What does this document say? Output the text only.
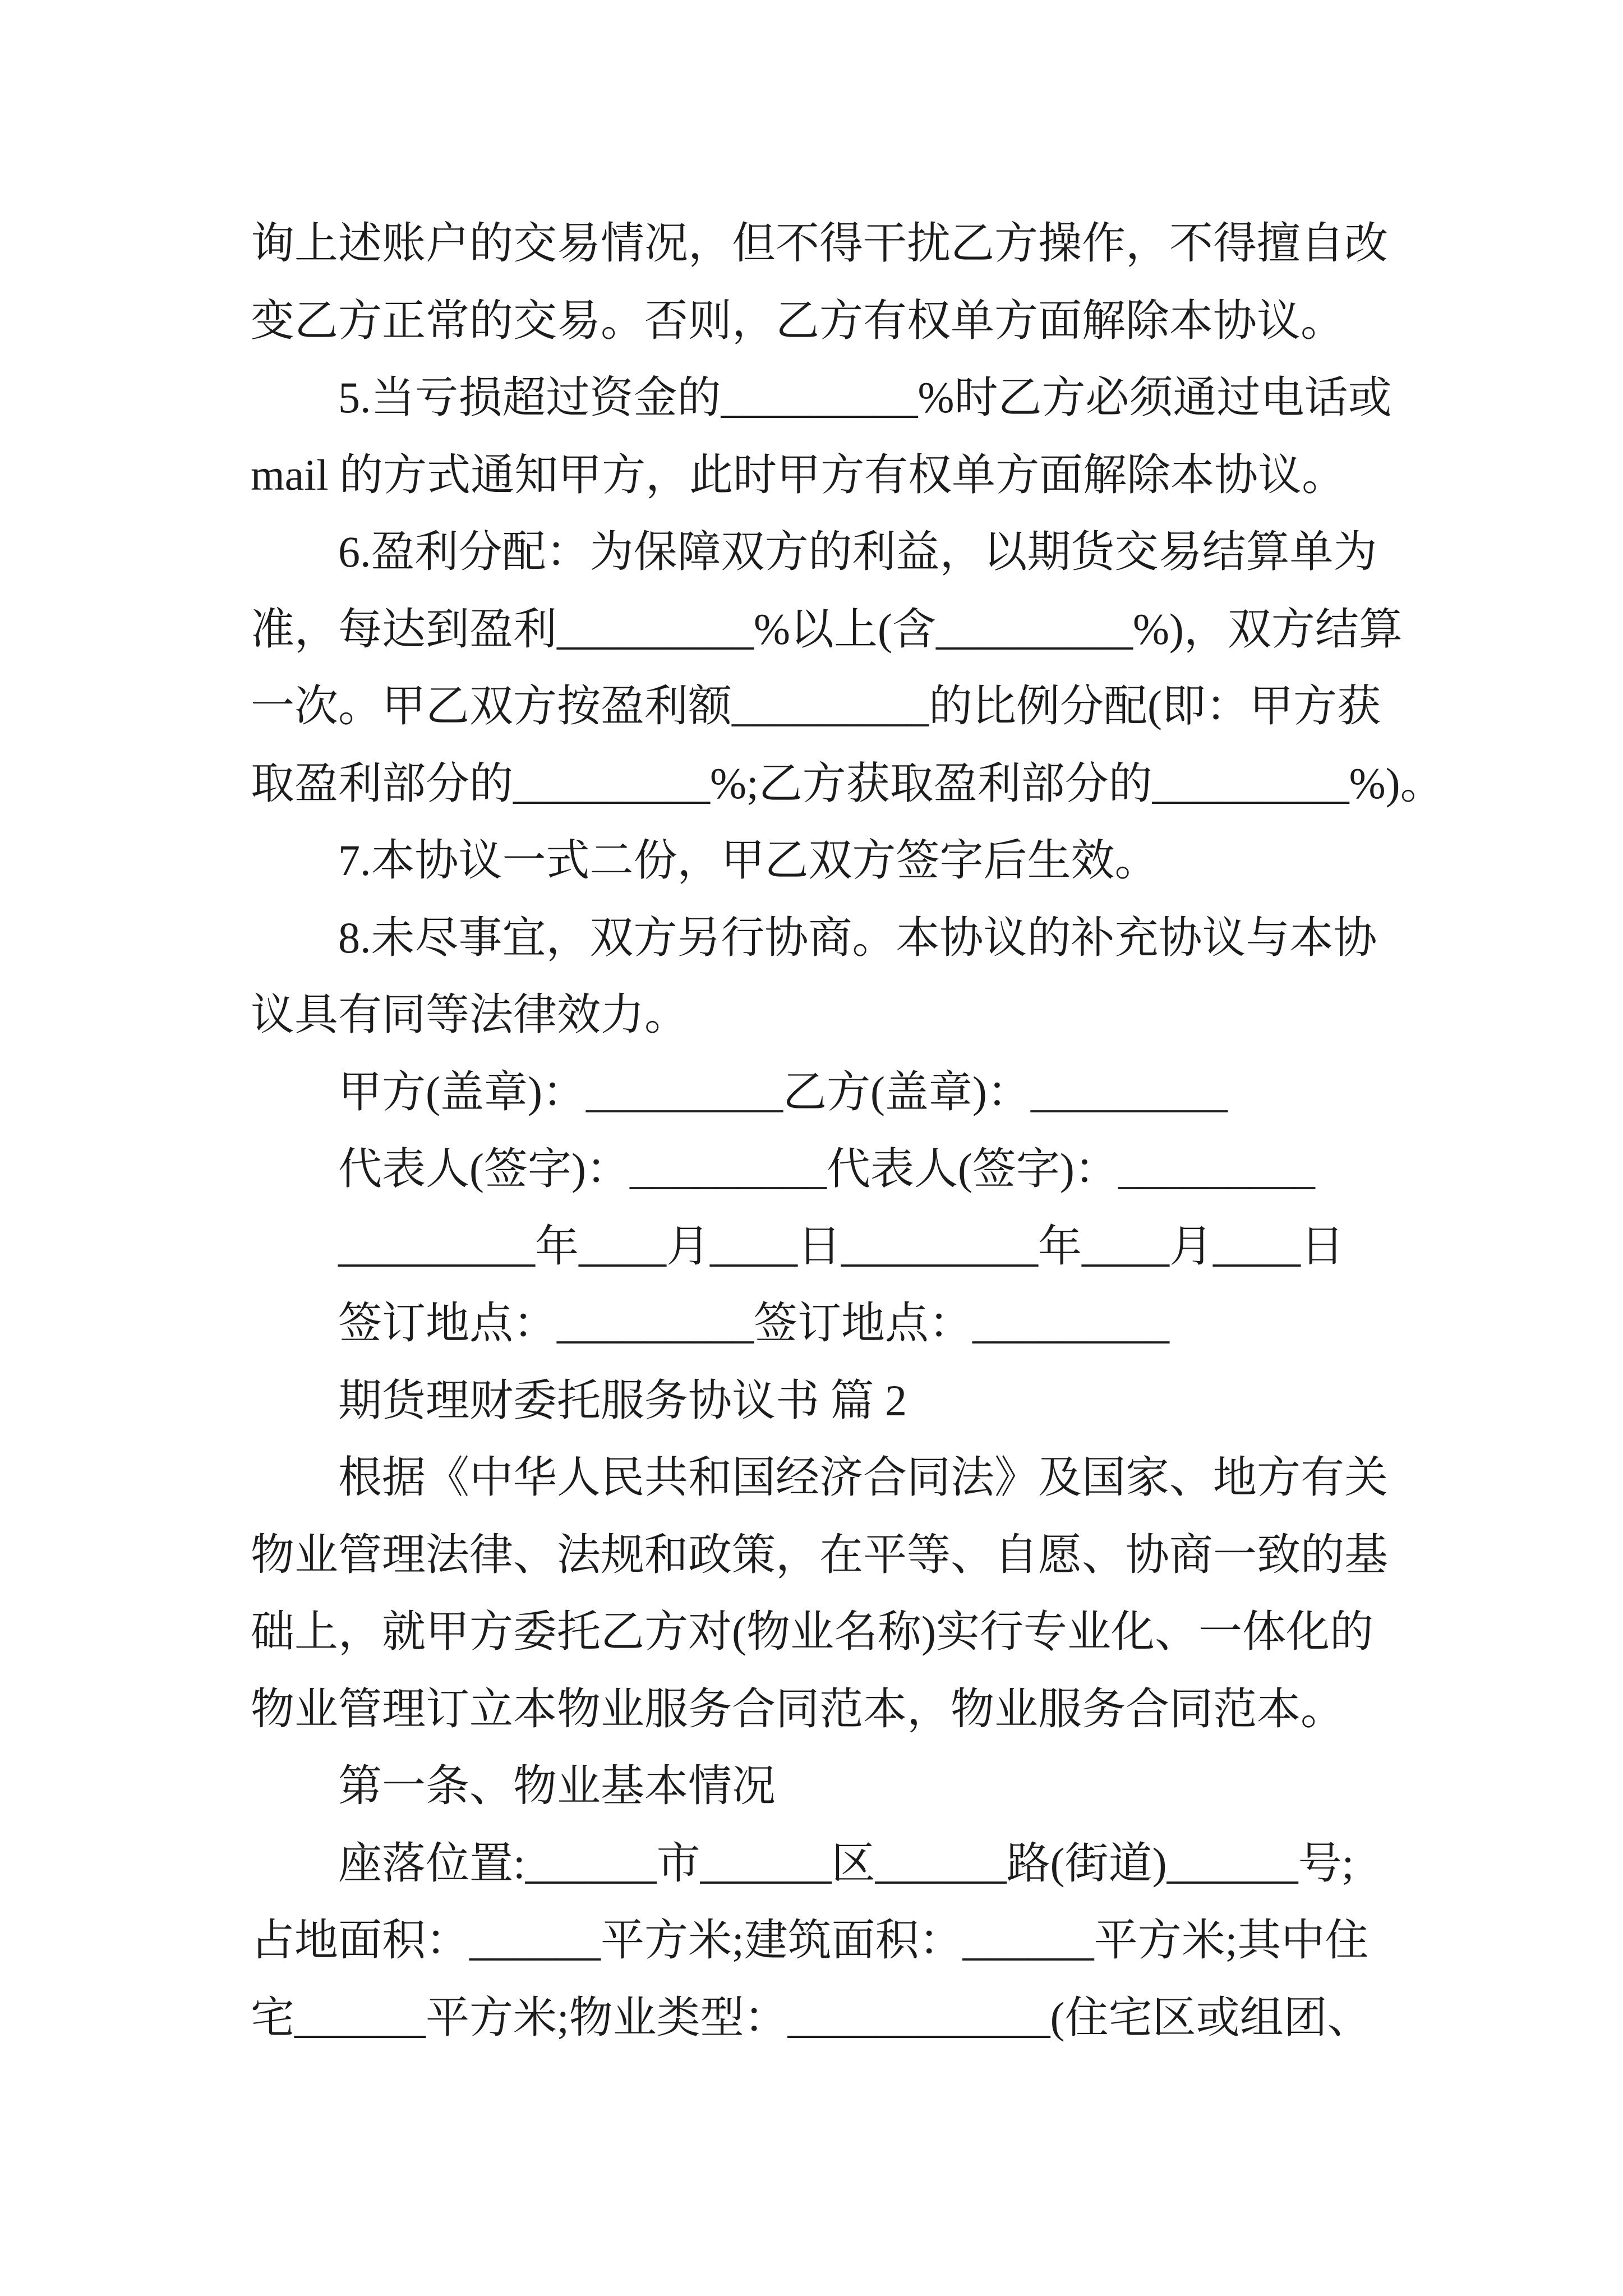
询上述账户的交易情况，但不得干扰乙方操作，不得擅自改
变乙方正常的交易。否则，乙方有权单方面解除本协议。
5.当亏损超过资金的_________%时乙方必须通过电话或
mail 的方式通知甲方，此时甲方有权单方面解除本协议。
6.盈利分配：为保障双方的利益，以期货交易结算单为
准，每达到盈利_________%以上(含_________%)，双方结算
一次。甲乙双方按盈利额_________的比例分配(即：甲方获
取盈利部分的_________%;乙方获取盈利部分的_________%)。
7.本协议一式二份，甲乙双方签字后生效。
8.未尽事宜，双方另行协商。本协议的补充协议与本协
议具有同等法律效力。
甲方(盖章)：_________乙方(盖章)：_________
代表人(签字)：_________代表人(签字)：_________
_________年____月____日_________年____月____日
签订地点：_________签订地点：_________
期货理财委托服务协议书 篇 2
根据《中华人民共和国经济合同法》及国家、地方有关
物业管理法律、法规和政策，在平等、自愿、协商一致的基
础上，就甲方委托乙方对(物业名称)实行专业化、一体化的
物业管理订立本物业服务合同范本，物业服务合同范本。
第一条、物业基本情况
座落位置:______市______区______路(街道)______号;
占地面积：______平方米;建筑面积：______平方米;其中住
宅______平方米;物业类型：____________(住宅区或组团、
